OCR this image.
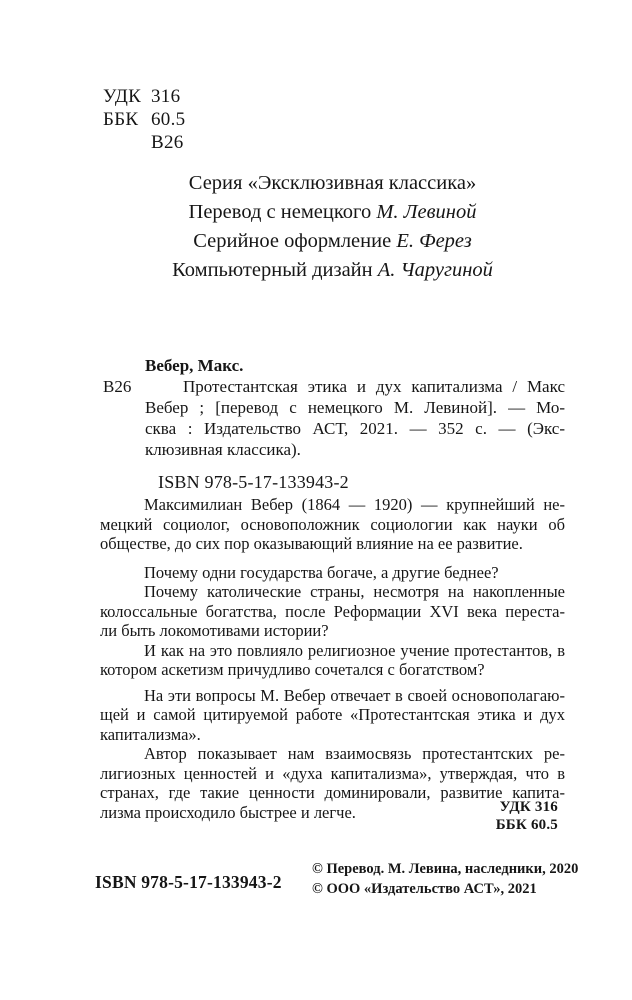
УДК 316
ББК 60.5
В26
Серия «Эксклюзивная классика»
Перевод с немецкого М. Левиной
Серийное оформление Е. Ферез
Компьютерный дизайн А. Чаругиной
Вебер, Макс.
В26	Протестантская этика и дух капитализма / Макс
Вебер ; [перевод с немецкого М. Левиной]. — Мо-
сква : Издательство АСТ, 2021. — 352 с. — (Экс-
клюзивная классика).
ISBN 978-5-17-133943-2
Максимилиан Вебер (1864 — 1920) — крупнейший не-
мецкий социолог, основоположник социологии как науки об
обществе, до сих пор оказывающий влияние на ее развитие.
Почему одни государства богаче, а другие беднее?
Почему католические страны, несмотря на накопленные
колоссальные богатства, после Реформации XVI века переста-
ли быть локомотивами истории?
И как на это повлияло религиозное учение протестантов, в
котором аскетизм причудливо сочетался с богатством?
На эти вопросы М. Вебер отвечает в своей основополагаю-
щей и самой цитируемой работе «Протестантская этика и дух
капитализма».
Автор показывает нам взаимосвязь протестантских ре-
лигиозных ценностей и «духа капитализма», утверждая, что в
странах, где такие ценности доминировали, развитие капита-
лизма происходило быстрее и легче.	УДК 316
ББК 60.5
ISBN 978-5-17-133943-2
© Перевод. М. Левина, наследники, 2020
© ООО «Издательство АСТ», 2021
